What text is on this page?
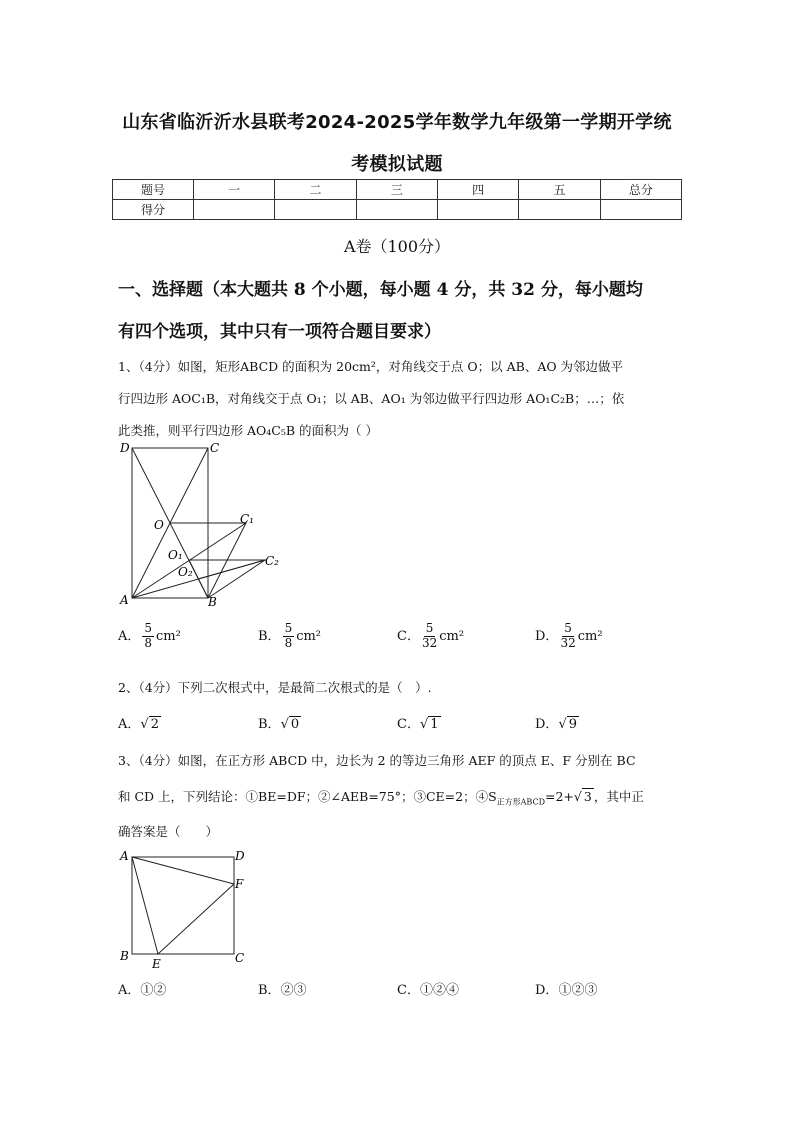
山东省临沂沂水县联考2024-2025学年数学九年级第一学期开学统
考模拟试题
题号	一	二	三	四	五	总分
得分						
A卷（100分）
一、选择题（本大题共 8 个小题，每小题 4 分，共 32 分，每小题均
有四个选项，其中只有一项符合题目要求）
1、（4分）如图，矩形ABCD 的面积为 20cm²，对角线交于点 O；以 AB、AO 为邻边做平
行四边形 AOC₁B，对角线交于点 O₁；以 AB、AO₁ 为邻边做平行四边形 AO₁C₂B；…；依
此类推，则平行四边形 AO₄C₅B 的面积为（ ）
D	C
O	C₁
O₁
O₂
C₂
A	B
A． $\frac{5}{8} cm^2$	B． $\frac{5}{8} cm^2$	C． $\frac{5}{32} cm^2$	D． $\frac{5}{32} cm^2$
2、（4分）下列二次根式中，是最简二次根式的是（　）.
A．√ 2	B．√ 0	C．√ 1	D．√ 9
3、（4分）如图，在正方形 ABCD 中，边长为 2 的等边三角形 AEF 的顶点 E、F 分别在 BC
和 CD 上，下列结论：①BE=DF；②∠AEB=75°；③CE=2；$④S_{正方形ABCD}=2+√$ 3 ，其中正
确答案是（　　）
A	D
F
B
E	C
A．①②	B．②③	C．①②④	D．①②③
